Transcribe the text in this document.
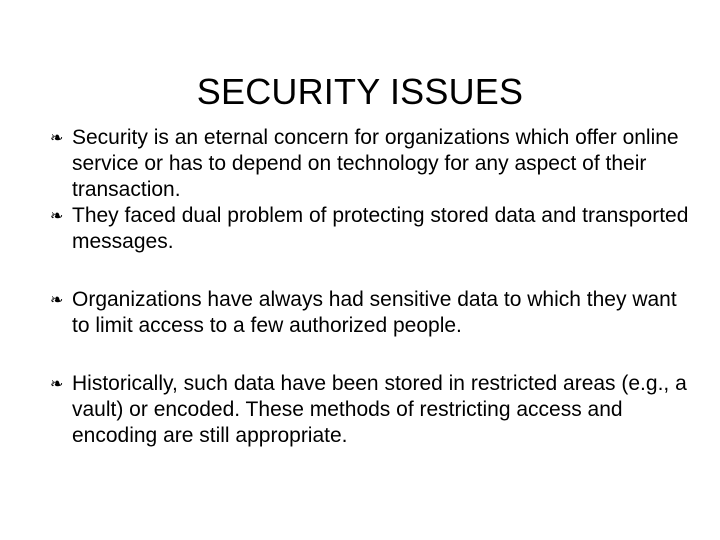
SECURITY ISSUES
❧ Security is an eternal concern for organizations which offer online service or has to depend on technology for any aspect of their transaction.
❧ They faced dual problem of protecting stored data and transported messages.
❧ Organizations have always had sensitive data to which they want to limit access to a few authorized people.
❧ Historically, such data have been stored in restricted areas (e.g., a vault) or encoded. These methods of restricting access and encoding are still appropriate.
